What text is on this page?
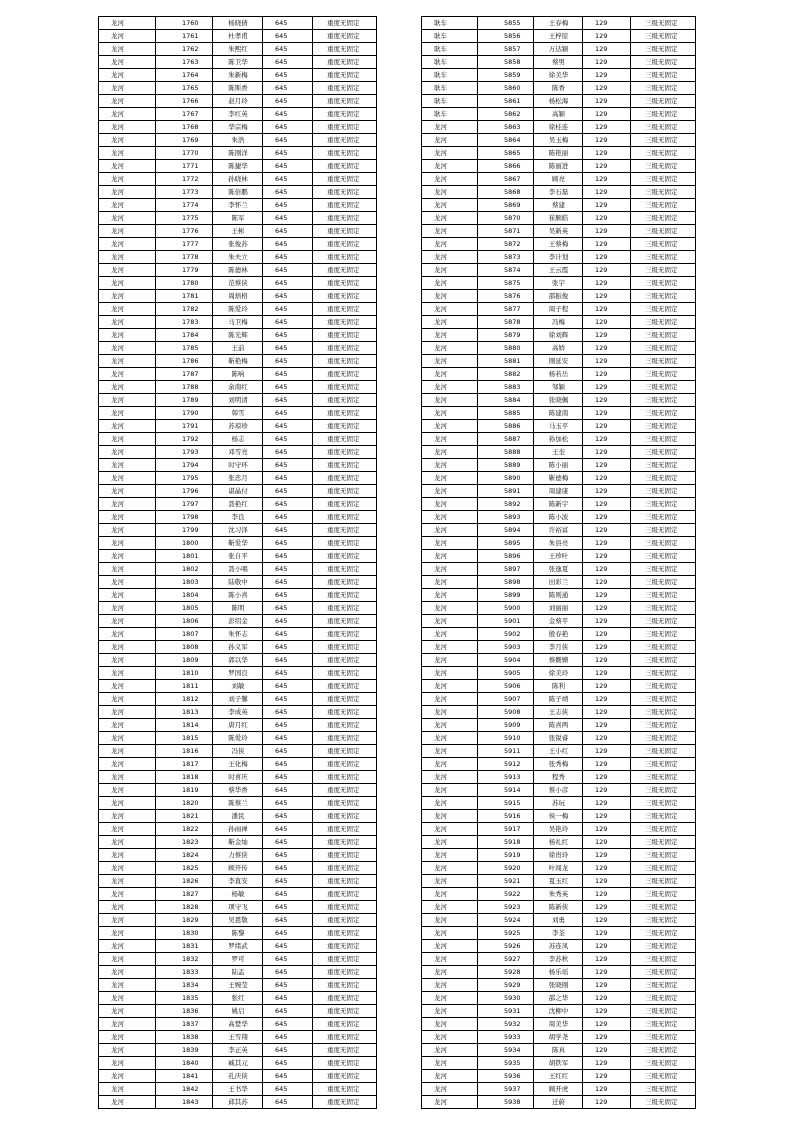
龙河	1760	杨晓倩	645	重度无固定
龙河	1761	杜孝甫	645	重度无固定
龙河	1762	朱熙红	645	重度无固定
龙河	1763	陈卫华	645	重度无固定
龙河	1764	朱新梅	645	重度无固定
龙河	1765	陈斯香	645	重度无固定
龙河	1766	赵月玲	645	重度无固定
龙河	1767	李红英	645	重度无固定
龙河	1768	华宗梅	645	重度无固定
龙河	1769	朱浩	645	重度无固定
龙河	1770	陈刚洋	645	重度无固定
龙河	1771	陈捷华	645	重度无固定
龙河	1772	孙晓林	645	重度无固定
龙河	1773	陈倍鹏	645	重度无固定
龙河	1774	李怀兰	645	重度无固定
龙河	1775	陈军	645	重度无固定
龙河	1776	王彬	645	重度无固定
龙河	1777	张俊苏	645	重度无固定
龙河	1778	朱夫立	645	重度无固定
龙河	1779	陈德林	645	重度无固定
龙河	1780	范蔡侠	645	重度无固定
龙河	1781	周焙格	645	重度无固定
龙河	1782	陈爱玲	645	重度无固定
龙河	1783	马卫梅	645	重度无固定
龙河	1784	陈光辉	645	重度无固定
龙河	1785	王前	645	重度无固定
龙河	1786	靳艳梅	645	重度无固定
龙河	1787	陈响	645	重度无固定
龙河	1788	余南红	645	重度无固定
龙河	1789	刘明清	645	重度无固定
龙河	1790	韩雪	645	重度无固定
龙河	1791	苏琼珍	645	重度无固定
龙河	1792	杨志	645	重度无固定
龙河	1793	邓雪亮	645	重度无固定
龙河	1794	时守环	645	重度无固定
龙河	1795	张忠月	645	重度无固定
龙河	1796	谌晶付	645	重度无固定
龙河	1797	聂艳红	645	重度无固定
龙河	1798	李良	645	重度无固定
龙河	1799	沈习泽	645	重度无固定
龙河	1800	靳爱华	645	重度无固定
龙河	1801	张自平	645	重度无固定
龙河	1802	聂小唱	645	重度无固定
龙河	1803	陆敬中	645	重度无固定
龙河	1804	陈小喜	645	重度无固定
龙河	1805	陈明	645	重度无固定
龙河	1806	彭绍金	645	重度无固定
龙河	1807	朱怀志	645	重度无固定
龙河	1808	孙义军	645	重度无固定
龙河	1809	郭以华	645	重度无固定
龙河	1810	罗国良	645	重度无固定
龙河	1811	刘敏	645	重度无固定
龙河	1812	刘子馨	645	重度无固定
龙河	1813	李成英	645	重度无固定
龙河	1814	唐月红	645	重度无固定
龙河	1815	陈爱玲	645	重度无固定
龙河	1816	冯侠	645	重度无固定
龙河	1817	王化梅	645	重度无固定
龙河	1818	时喜庆	645	重度无固定
龙河	1819	蔡华香	645	重度无固定
龙河	1820	陈蔡兰	645	重度无固定
龙河	1821	潘民	645	重度无固定
龙河	1822	孙雨禅	645	重度无固定
龙河	1823	靳金灿	645	重度无固定
龙河	1824	力蔡侠	645	重度无固定
龙河	1825	顾开传	645	重度无固定
龙河	1826	李直安	645	重度无固定
龙河	1827	杨敏	645	重度无固定
龙河	1828	项守飞	645	重度无固定
龙河	1829	吴恩敬	645	重度无固定
龙河	1830	陈黎	645	重度无固定
龙河	1831	罗绪武	645	重度无固定
龙河	1832	罗可	645	重度无固定
龙河	1833	陆盂	645	重度无固定
龙河	1834	王婉莹	645	重度无固定
龙河	1835	张红	645	重度无固定
龙河	1836	姚启	645	重度无固定
龙河	1837	高楚华	645	重度无固定
龙河	1838	王雪翔	645	重度无固定
龙河	1839	李正英	645	重度无固定
龙河	1840	臧其元	645	重度无固定
龙河	1841	孔庆侠	645	重度无固定
龙河	1842	王书华	645	重度无固定
龙河	1843	邱其苏	645	重度无固定
耿车	5855	王春梅	129	三级无固定
耿车	5856	王梓原	129	三级无固定
耿车	5857	万达颖	129	三级无固定
耿车	5858	蔡男	129	三级无固定
耿车	5859	徐美华	129	三级无固定
耿车	5860	陈香	129	三级无固定
耿车	5861	杨松海	129	三级无固定
耿车	5862	高颖	129	三级无固定
龙河	5863	徐桂连	129	三级无固定
龙河	5864	吴玉梅	129	三级无固定
龙河	5865	陈艳丽	129	三级无固定
龙河	5866	陈丽进	129	三级无固定
龙河	5867	顾亮	129	三级无固定
龙河	5868	李石磊	129	三级无固定
龙河	5869	蔡建	129	三级无固定
龙河	5870	崔顺皓	129	三级无固定
龙河	5871	吴新英	129	三级无固定
龙河	5872	王蔡梅	129	三级无固定
龙河	5873	李计划	129	三级无固定
龙河	5874	王云霞	129	三级无固定
龙河	5875	张宇	129	三级无固定
龙河	5876	邵振俊	129	三级无固定
龙河	5877	周子程	129	三级无固定
龙河	5878	冯梅	129	三级无固定
龙河	5879	徐刘辉	129	三级无固定
龙河	5880	高娇	129	三级无固定
龙河	5881	刚延安	129	三级无固定
龙河	5882	杨若岳	129	三级无固定
龙河	5883	邹颖	129	三级无固定
龙河	5884	张晓佩	129	三级无固定
龙河	5885	陈建南	129	三级无固定
龙河	5886	马玉平	129	三级无固定
龙河	5887	孙加松	129	三级无固定
龙河	5888	王奎	129	三级无固定
龙河	5889	陈小丽	129	三级无固定
龙河	5890	靳德梅	129	三级无固定
龙河	5891	周建康	129	三级无固定
龙河	5892	陈新宇	129	三级无固定
龙河	5893	陈小波	129	三级无固定
龙河	5894	许裕富	129	三级无固定
龙河	5895	朱县亮	129	三级无固定
龙河	5896	王珍叶	129	三级无固定
龙河	5897	张逸夏	129	三级无固定
龙河	5898	田彩兰	129	三级无固定
龙河	5899	陈则通	129	三级无固定
龙河	5900	刘丽丽	129	三级无固定
龙河	5901	金蔡平	129	三级无固定
龙河	5902	殷春艳	129	三级无固定
龙河	5903	李月侠	129	三级无固定
龙河	5904	蔡姗姗	129	三级无固定
龙河	5905	徐美玲	129	三级无固定
龙河	5906	陈利	129	三级无固定
龙河	5907	陈子靖	129	三级无固定
龙河	5908	王志侠	129	三级无固定
龙河	5909	陈喜两	129	三级无固定
龙河	5910	张锐睿	129	三级无固定
龙河	5911	王小红	129	三级无固定
龙河	5912	张秀梅	129	三级无固定
龙河	5913	程秀	129	三级无固定
龙河	5914	蔡小彦	129	三级无固定
龙河	5915	苏玩	129	三级无固定
龙河	5916	侯一梅	129	三级无固定
龙河	5917	吴艳玲	129	三级无固定
龙河	5918	杨礼红	129	三级无固定
龙河	5919	徐贵玲	129	三级无固定
龙河	5920	叶闯龙	129	三级无固定
龙河	5921	夏玉红	129	三级无固定
龙河	5922	朱秀英	129	三级无固定
龙河	5923	陈新侠	129	三级无固定
龙河	5924	刘勇	129	三级无固定
龙河	5925	李荃	129	三级无固定
龙河	5926	苏连凤	129	三级无固定
龙河	5927	李苏秋	129	三级无固定
龙河	5928	杨乐瑶	129	三级无固定
龙河	5929	张晓刚	129	三级无固定
龙河	5930	邵之华	129	三级无固定
龙河	5931	沈柳中	129	三级无固定
龙河	5932	周美华	129	三级无固定
龙河	5933	胡学尧	129	三级无固定
龙河	5934	陈真	129	三级无固定
龙河	5935	胡铁军	129	三级无固定
龙河	5936	王红红	129	三级无固定
龙河	5937	顾开虎	129	三级无固定
龙河	5938	迁蔚	129	三级无固定
